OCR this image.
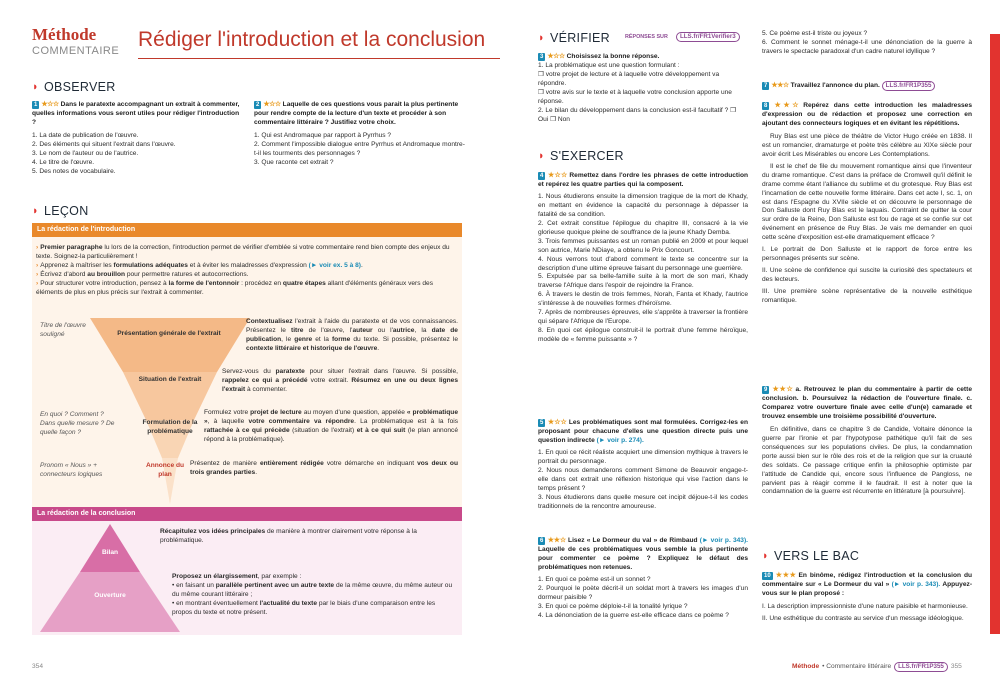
Méthode
COMMENTAIRE Rédiger l'introduction et la conclusion
◗ OBSERVER
1 ★☆☆ Dans le paratexte accompagnant un extrait à commenter, quelles informations vous seront utiles pour rédiger l'introduction ?
1. La date de publication de l'œuvre.
2. Des éléments qui situent l'extrait dans l'œuvre.
3. Le nom de l'auteur ou de l'autrice.
4. Le titre de l'œuvre.
5. Des notes de vocabulaire.
2 ★☆☆ Laquelle de ces questions vous parait la plus pertinente pour rendre compte de la lecture d'un texte et procéder à son commentaire littéraire ? Justifiez votre choix.
1. Qui est Andromaque par rapport à Pyrrhus ?
2. Comment l'impossible dialogue entre Pyrrhus et Andromaque montre-t-il les tourments des personnages ?
3. Que raconte cet extrait ?
◗ LEÇON
La rédaction de l'introduction
› Premier paragraphe lu lors de la correction, l'introduction permet de vérifier d'emblée si votre commentaire rend bien compte des enjeux du texte. Soignez-la particulièrement !
› Apprenez à maîtriser les formulations adéquates et à éviter les maladresses d'expression (► voir ex. 5 à 8).
› Écrivez d'abord au brouillon pour permettre ratures et autocorrections.
› Pour structurer votre introduction, pensez à la forme de l'entonnoir : procédez en quatre étapes allant d'éléments généraux vers des éléments de plus en plus précis sur l'extrait à commenter.
Présentation générale de l'extrait
Situation de l'extrait
Formulation de la problématique
Annonce du plan
Titre de l'œuvre souligné
En quoi ? Comment ? Dans quelle mesure ? De quelle façon ?
Pronom « Nous » + connecteurs logiques
Contextualisez l'extrait à l'aide du paratexte et de vos connaissances. Présentez le titre de l'œuvre, l'auteur ou l'autrice, la date de publication, le genre et la forme du texte. Si possible, présentez le contexte littéraire et historique de l'œuvre.
Servez-vous du paratexte pour situer l'extrait dans l'œuvre. Si possible, rappelez ce qui a précédé votre extrait. Résumez en une ou deux lignes l'extrait à commenter.
Formulez votre projet de lecture au moyen d'une question, appelée « problématique », à laquelle votre commentaire va répondre. La problématique est à la fois rattachée à ce qui précède (situation de l'extrait) et à ce qui suit (le plan annoncé répond à la problématique).
Présentez de manière entièrement rédigée votre démarche en indiquant vos deux ou trois grandes parties.
La rédaction de la conclusion
Bilan
Ouverture
Récapitulez vos idées principales de manière à montrer clairement votre réponse à la problématique.
Proposez un élargissement, par exemple :
• en faisant un parallèle pertinent avec un autre texte de la même œuvre, du même auteur ou du même courant littéraire ;
• en montrant éventuellement l'actualité du texte par le biais d'une comparaison entre les propos du texte et notre présent.
354
◗ VÉRIFIER	RÉPONSES SUR	LLS.fr/FR1Verifier3
3 ★☆☆ Choisissez la bonne réponse.
1. La problématique est une question formulant :
❒ votre projet de lecture et à laquelle votre développement va répondre.
❒ votre avis sur le texte et à laquelle votre conclusion apporte une réponse.
2. Le bilan du développement dans la conclusion est-il facultatif ? ❒ Oui ❒ Non
◗ S'EXERCER
4 ★☆☆ Remettez dans l'ordre les phrases de cette introduction et repérez les quatre parties qui la composent.
1. Nous étudierons ensuite la dimension tragique de la mort de Khady, en mettant en évidence la capacité du personnage à dépasser la fatalité de sa condition.
2. Cet extrait constitue l'épilogue du chapitre III, consacré à la vie glorieuse quoique pleine de souffrance de la jeune Khady Demba.
3. Trois femmes puissantes est un roman publié en 2009 et pour lequel son autrice, Marie NDiaye, a obtenu le Prix Goncourt.
4. Nous verrons tout d'abord comment le texte se concentre sur la description d'une ultime épreuve faisant du personnage une guerrière.
5. Expulsée par sa belle-famille suite à la mort de son mari, Khady traverse l'Afrique dans l'espoir de rejoindre la France.
6. À travers le destin de trois femmes, Norah, Fanta et Khady, l'autrice s'intéresse à de nouvelles formes d'héroïsme.
7. Après de nombreuses épreuves, elle s'apprête à traverser la frontière qui sépare l'Afrique de l'Europe.
8. En quoi cet épilogue construit-il le portrait d'une femme héroïque, modèle de « femme puissante » ?
5 ★☆☆ Les problématiques sont mal formulées. Corrigez-les en proposant pour chacune d'elles une question directe puis une question indirecte (► voir p. 274).
1. En quoi ce récit réaliste acquiert une dimension mythique à travers le portrait du personnage.
2. Nous nous demanderons comment Simone de Beauvoir engage-t-elle dans cet extrait une réflexion historique qui vise l'action dans le temps présent ?
3. Nous étudierons dans quelle mesure cet incipit déjoue-t-il les codes traditionnels de la rencontre amoureuse.
6 ★★☆ Lisez « Le Dormeur du val » de Rimbaud (► voir p. 343). Laquelle de ces problématiques vous semble la plus pertinente pour commenter ce poème ? Expliquez le défaut des problématiques non retenues.
1. En quoi ce poème est-il un sonnet ?
2. Pourquoi le poète décrit-il un soldat mort à travers les images d'un dormeur paisible ?
3. En quoi ce poème déploie-t-il la tonalité lyrique ?
4. La dénonciation de la guerre est-elle efficace dans ce poème ?
5. Ce poème est-il triste ou joyeux ?
6. Comment le sonnet ménage-t-il une dénonciation de la guerre à travers le spectacle paradoxal d'un cadre naturel idyllique ?
7 ★★☆ Travaillez l'annonce du plan. LLS.fr/FR1P355
8 ★★☆ Repérez dans cette introduction les maladresses d'expression ou de rédaction et proposez une correction en ajoutant des connecteurs logiques et en évitant les répétitions.

Ruy Blas est une pièce de théâtre de Victor Hugo créée en 1838. Il est un romancier, dramaturge et poète très célèbre au XIXe siècle pour avoir écrit Les Misérables ou encore Les Contemplations.

Il est le chef de file du mouvement romantique ainsi que l'inventeur du drame romantique. C'est dans la préface de Cromwell qu'il définit le drame comme étant l'alliance du sublime et du grotesque. Ruy Blas est l'incarnation de cette nouvelle forme littéraire. Dans cet acte I, sc. 1, on est dans l'Espagne du XVIIe siècle et on découvre le personnage de Don Salluste dont Ruy Blas est le laquais. Contraint de quitter la cour sur ordre de la Reine, Don Salluste est fou de rage et se confie sur cet événement en présence de Ruy Blas. Je vais me demander en quoi cette scène d'exposition est-elle dramatiquement efficace ?

I. Le portrait de Don Salluste et le rapport de force entre les personnages présents sur scène.

II. Une scène de confidence qui suscite la curiosité des spectateurs et des lecteurs.

III. Une première scène représentative de la nouvelle esthétique romantique.

9 ★★☆ a. Retrouvez le plan du commentaire à partir de cette conclusion. b. Poursuivez la rédaction de l'ouverture finale. c. Comparez votre ouverture finale avec celle d'un(e) camarade et trouvez ensemble une troisième possibilité d'ouverture.

En définitive, dans ce chapitre 3 de Candide, Voltaire dénonce la guerre par l'ironie et par l'hypotypose pathétique qu'il fait de ses conséquences sur les populations civiles. De plus, la condamnation porte aussi bien sur le rôle des rois et de la religion que sur la cruauté des soldats. Ce passage critique enfin la philosophie optimiste par l'attitude de Candide qui, encore sous l'influence de Pangloss, ne parvient pas à réagir comme il le faudrait. Il est à noter que la condamnation de la guerre est récurrente en littérature [à poursuivre].

◗ VERS LE BAC
10 ★★★ En binôme, rédigez l'introduction et la conclusion du commentaire sur « Le Dormeur du val » (► voir p. 343). Appuyez-vous sur le plan proposé :

I. La description impressionniste d'une nature paisible et harmonieuse.

II. Une esthétique du contraste au service d'un message idéologique.

Méthode • Commentaire littéraire	LLS.fr/FR1P355	355
